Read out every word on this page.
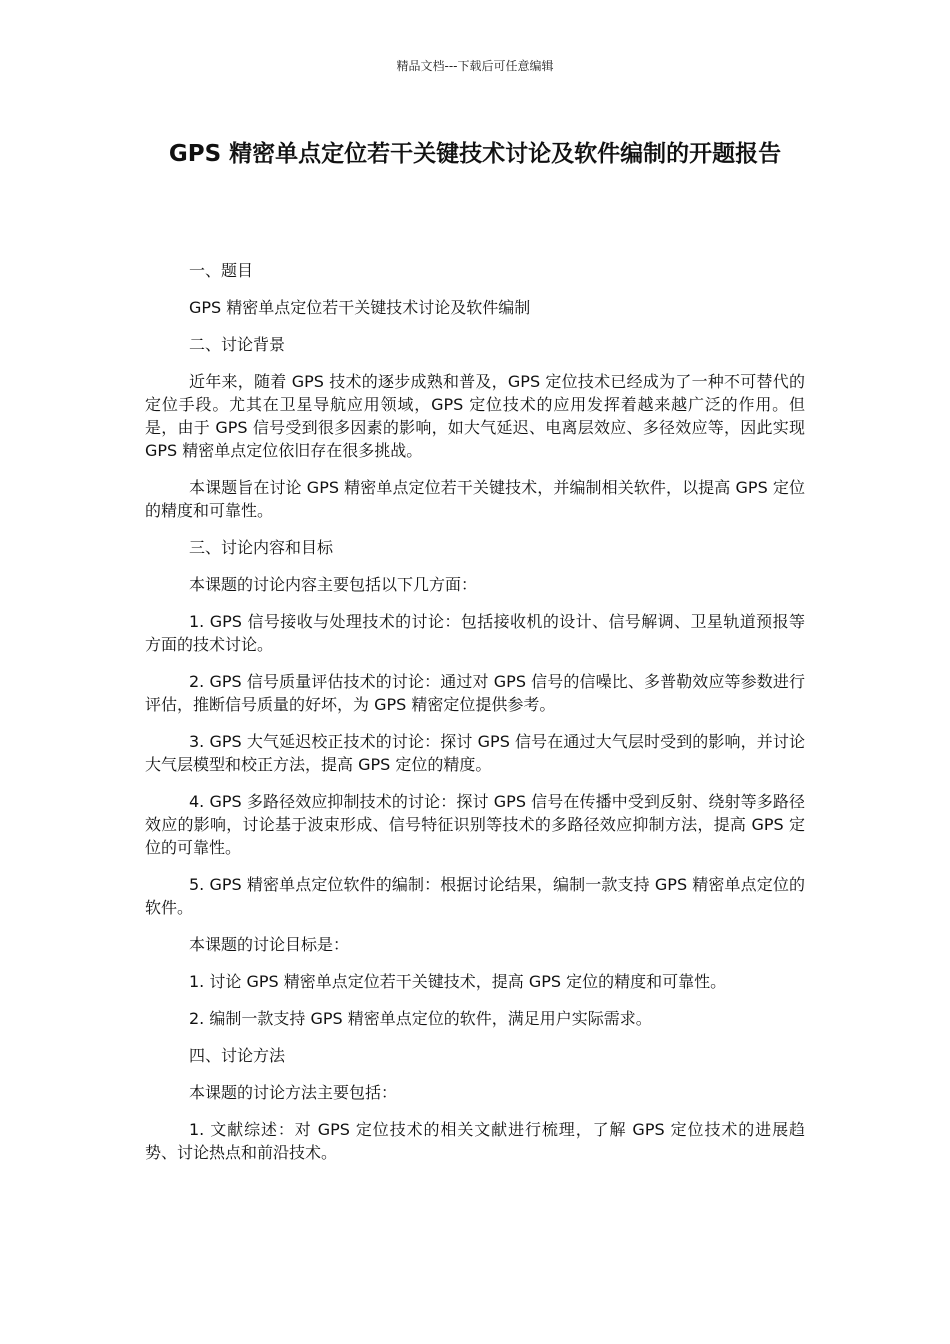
精品文档---下载后可任意编辑
GPS 精密单点定位若干关键技术讨论及软件编制的开题报告

一、题目

GPS 精密单点定位若干关键技术讨论及软件编制

二、讨论背景

近年来，随着 GPS 技术的逐步成熟和普及，GPS 定位技术已经成为了一种不可替代的定位手段。尤其在卫星导航应用领域，GPS 定位技术的应用发挥着越来越广泛的作用。但是，由于 GPS 信号受到很多因素的影响，如大气延迟、电离层效应、多径效应等，因此实现 GPS 精密单点定位依旧存在很多挑战。

本课题旨在讨论 GPS 精密单点定位若干关键技术，并编制相关软件，以提高 GPS 定位的精度和可靠性。

三、讨论内容和目标

本课题的讨论内容主要包括以下几方面：

1. GPS 信号接收与处理技术的讨论：包括接收机的设计、信号解调、卫星轨道预报等方面的技术讨论。

2. GPS 信号质量评估技术的讨论：通过对 GPS 信号的信噪比、多普勒效应等参数进行评估，推断信号质量的好坏，为 GPS 精密定位提供参考。

3. GPS 大气延迟校正技术的讨论：探讨 GPS 信号在通过大气层时受到的影响，并讨论大气层模型和校正方法，提高 GPS 定位的精度。

4. GPS 多路径效应抑制技术的讨论：探讨 GPS 信号在传播中受到反射、绕射等多路径效应的影响，讨论基于波束形成、信号特征识别等技术的多路径效应抑制方法，提高 GPS 定位的可靠性。

5. GPS 精密单点定位软件的编制：根据讨论结果，编制一款支持 GPS 精密单点定位的软件。

本课题的讨论目标是：

1. 讨论 GPS 精密单点定位若干关键技术，提高 GPS 定位的精度和可靠性。

2. 编制一款支持 GPS 精密单点定位的软件，满足用户实际需求。

四、讨论方法

本课题的讨论方法主要包括：

1. 文献综述：对 GPS 定位技术的相关文献进行梳理，了解 GPS 定位技术的进展趋势、讨论热点和前沿技术。
